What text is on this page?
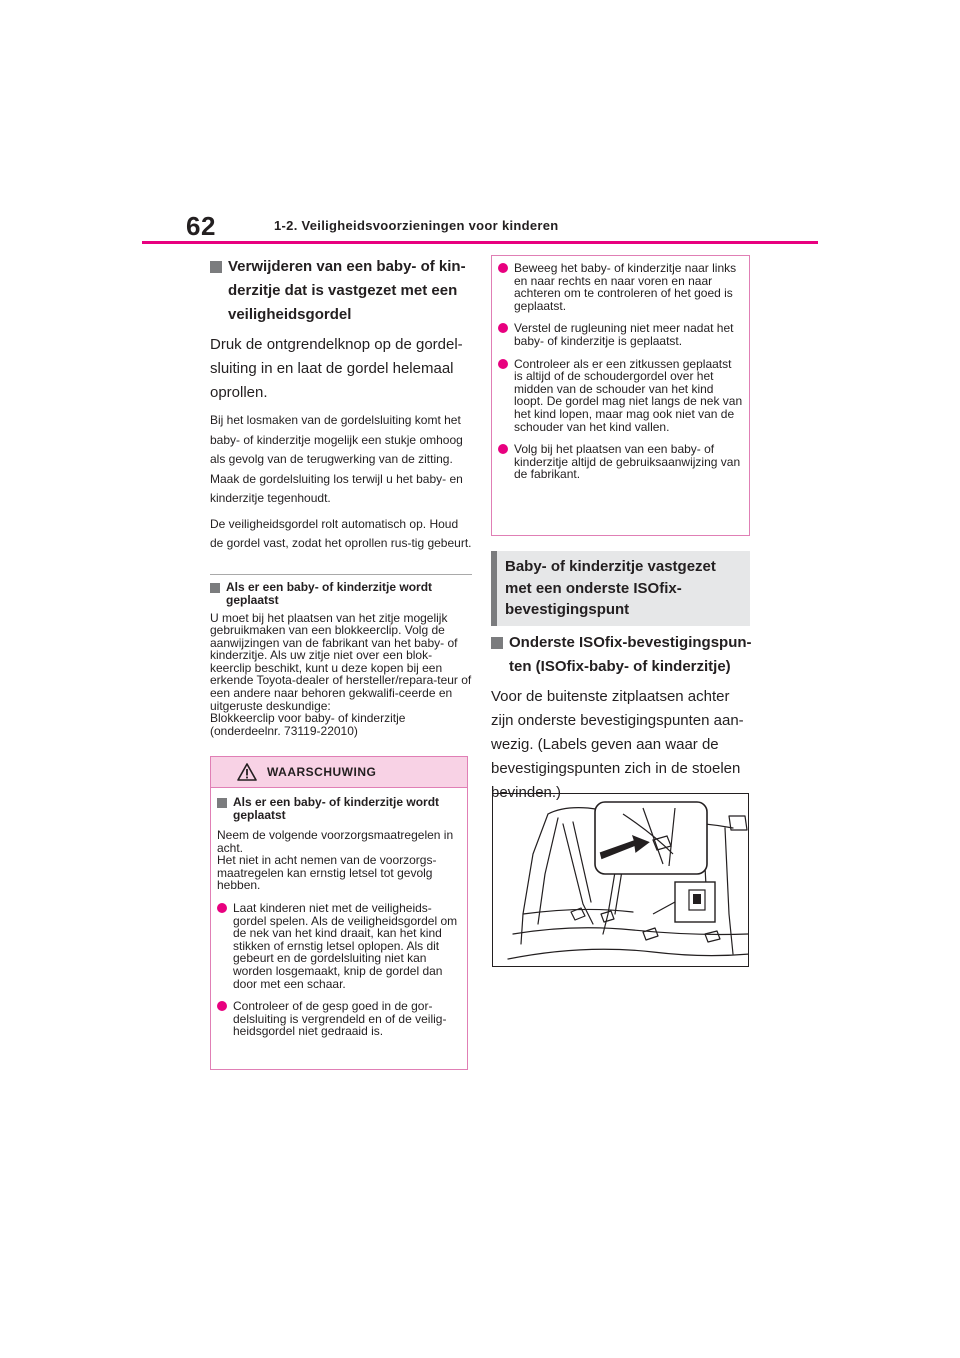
62	1-2. Veiligheidsvoorzieningen voor kinderen
Verwijderen van een baby- of kin-derzitje dat is vastgezet met een veiligheidsgordel
Druk de ontgrendelknop op de gordel-sluiting in en laat de gordel helemaal oprollen.
Bij het losmaken van de gordelsluiting komt het baby- of kinderzitje mogelijk een stukje omhoog als gevolg van de terugwerking van de zitting. Maak de gordelsluiting los terwijl u het baby- en kinderzitje tegenhoudt.
De veiligheidsgordel rolt automatisch op. Houd de gordel vast, zodat het oprollen rus-tig gebeurt.
Als er een baby- of kinderzitje wordt geplaatst
U moet bij het plaatsen van het zitje mogelijk gebruikmaken van een blokkeerclip. Volg de aanwijzingen van de fabrikant van het baby- of kinderzitje. Als uw zitje niet over een blok-keerclip beschikt, kunt u deze kopen bij een erkende Toyota-dealer of hersteller/repara-teur of een andere naar behoren gekwalifi-ceerde en uitgeruste deskundige:
Blokkeerclip voor baby- of kinderzitje (onderdeelnr. 73119-22010)
WAARSCHUWING
Als er een baby- of kinderzitje wordt geplaatst
Neem de volgende voorzorgsmaatregelen in acht.
Het niet in acht nemen van de voorzorgs-maatregelen kan ernstig letsel tot gevolg hebben.
Laat kinderen niet met de veiligheids-gordel spelen. Als de veiligheidsgordel om de nek van het kind draait, kan het kind stikken of ernstig letsel oplopen. Als dit gebeurt en de gordelsluiting niet kan worden losgemaakt, knip de gordel dan door met een schaar.
Controleer of de gesp goed in de gor-delsluiting is vergrendeld en of de veilig-heidsgordel niet gedraaid is.
Beweeg het baby- of kinderzitje naar links en naar rechts en naar voren en naar achteren om te controleren of het goed is geplaatst.
Verstel de rugleuning niet meer nadat het baby- of kinderzitje is geplaatst.
Controleer als er een zitkussen geplaatst is altijd of de schoudergordel over het midden van de schouder van het kind loopt. De gordel mag niet langs de nek van het kind lopen, maar mag ook niet van de schouder van het kind vallen.
Volg bij het plaatsen van een baby- of kinderzitje altijd de gebruiksaanwijzing van de fabrikant.
Baby- of kinderzitje vastgezet met een onderste ISOfix-bevestigingspunt
Onderste ISOfix-bevestigingspun-ten (ISOfix-baby- of kinderzitje)
Voor de buitenste zitplaatsen achter zijn onderste bevestigingspunten aan-wezig. (Labels geven aan waar de bevestigingspunten zich in de stoelen bevinden.)
